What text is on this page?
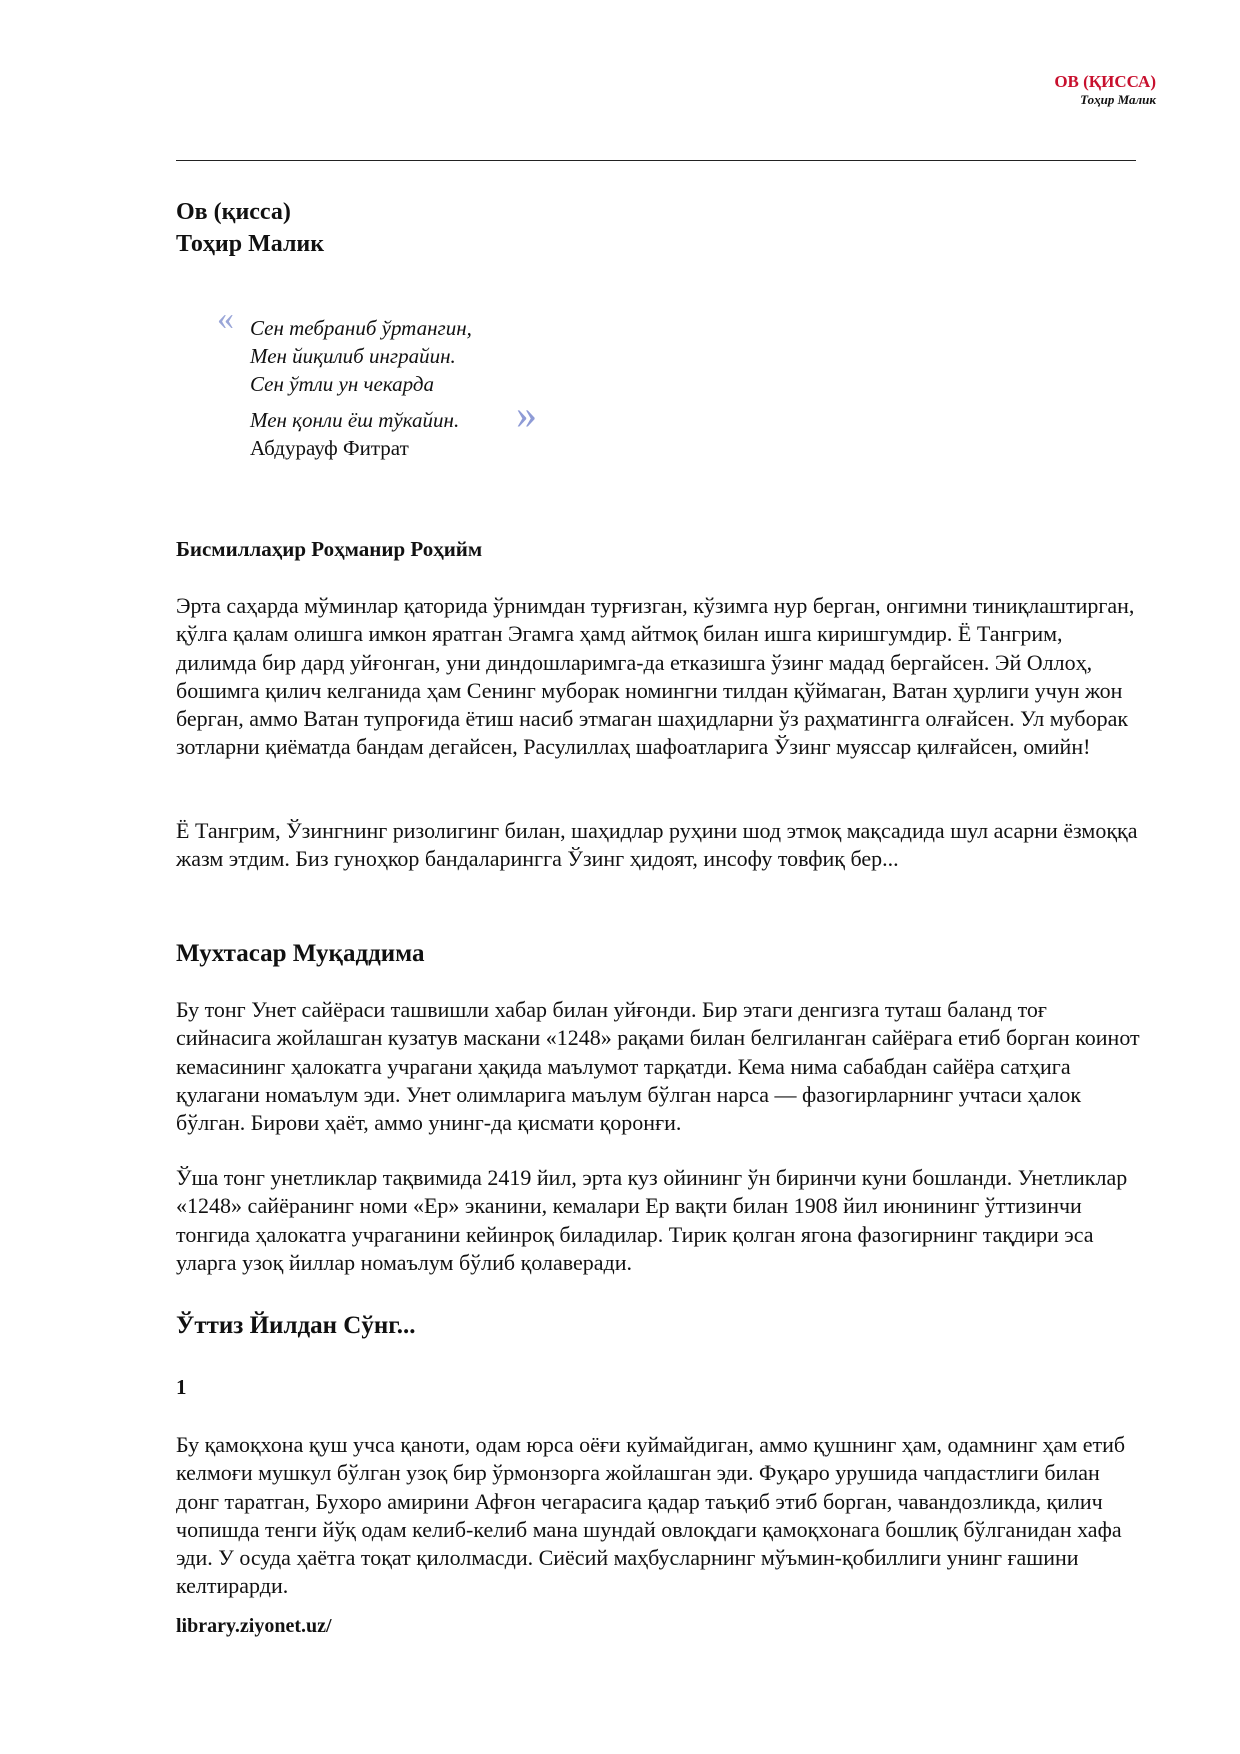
ОВ (ҚИССА)
Тоҳир Малик
Ов (қисса)
Тоҳир Малик
« Сен тебраниб ўртангин,
Мен йиқилиб инграйин.
Сен ўтли ун чекарда
Мен қонли ёш тўкайин.
Абдурауф Фитрат
»
Бисмиллаҳир Роҳманир Роҳийм

Эрта саҳарда мўминлар қаторида ўрнимдан турғизган, кўзимга нур берган, онгимни тиниқлаштирган, қўлга қалам олишга имкон яратган Эгамга ҳамд айтмоқ билан ишга киришгумдир. Ё Тангрим, дилимда бир дард уйғонган, уни диндошларимга-да етказишга ўзинг мадад бергайсен. Эй Оллоҳ, бошимга қилич келганида ҳам Сенинг муборак номингни тилдан қўймаган, Ватан ҳурлиги учун жон берган, аммо Ватан тупроғида ётиш насиб этмаган шаҳидларни ўз раҳматингга олғайсен. Ул муборак зотларни қиёматда бандам дегайсен, Расулиллаҳ шафоатларига Ўзинг муяссар қилғайсен, омийн!

Ё Тангрим, Ўзингнинг ризолигинг билан, шаҳидлар руҳини шод этмоқ мақсадида шул асарни ёзмоққа жазм этдим. Биз гуноҳкор бандаларингга Ўзинг ҳидоят, инсофу товфиқ бер...

Мухтасар Муқаддима

Бу тонг Унет сайёраси ташвишли хабар билан уйғонди. Бир этаги денгизга туташ баланд тоғ сийнасига жойлашган кузатув маскани «1248» рақами билан белгиланган сайёрага етиб борган коинот кемасининг ҳалокатга учрагани ҳақида маълумот тарқатди. Кема нима сабабдан сайёра сатҳига қулагани номаълум эди. Унет олимларига маълум бўлган нарса — фазогирларнинг учтаси ҳалок бўлган. Бирови ҳаёт, аммо унинг-да қисмати қоронғи.

Ўша тонг унетликлар тақвимида 2419 йил, эрта куз ойининг ўн биринчи куни бошланди. Унетликлар «1248» сайёранинг номи «Ер» эканини, кемалари Ер вақти билан 1908 йил июнининг ўттизинчи тонгида ҳалокатга учраганини кейинроқ биладилар. Тирик қолган ягона фазогирнинг тақдири эса уларга узоқ йиллар номаълум бўлиб қолаверади.

Ўттиз Йилдан Сўнг...
1

Бу қамоқхона қуш учса қаноти, одам юрса оёғи куймайдиган, аммо қушнинг ҳам, одамнинг ҳам етиб келмоғи мушкул бўлган узоқ бир ўрмонзорга жойлашган эди. Фуқаро урушида чапдастлиги билан донг таратган, Бухоро амирини Афғон чегарасига қадар таъқиб этиб борган, чавандозликда, қилич чопишда тенги йўқ одам келиб-келиб мана шундай овлоқдаги қамоқхонага бошлиқ бўлганидан хафа эди. У осуда ҳаётга тоқат қилолмасди. Сиёсий маҳбусларнинг мўъмин-қобиллиги унинг ғашини келтирарди.

library.ziyonet.uz/
